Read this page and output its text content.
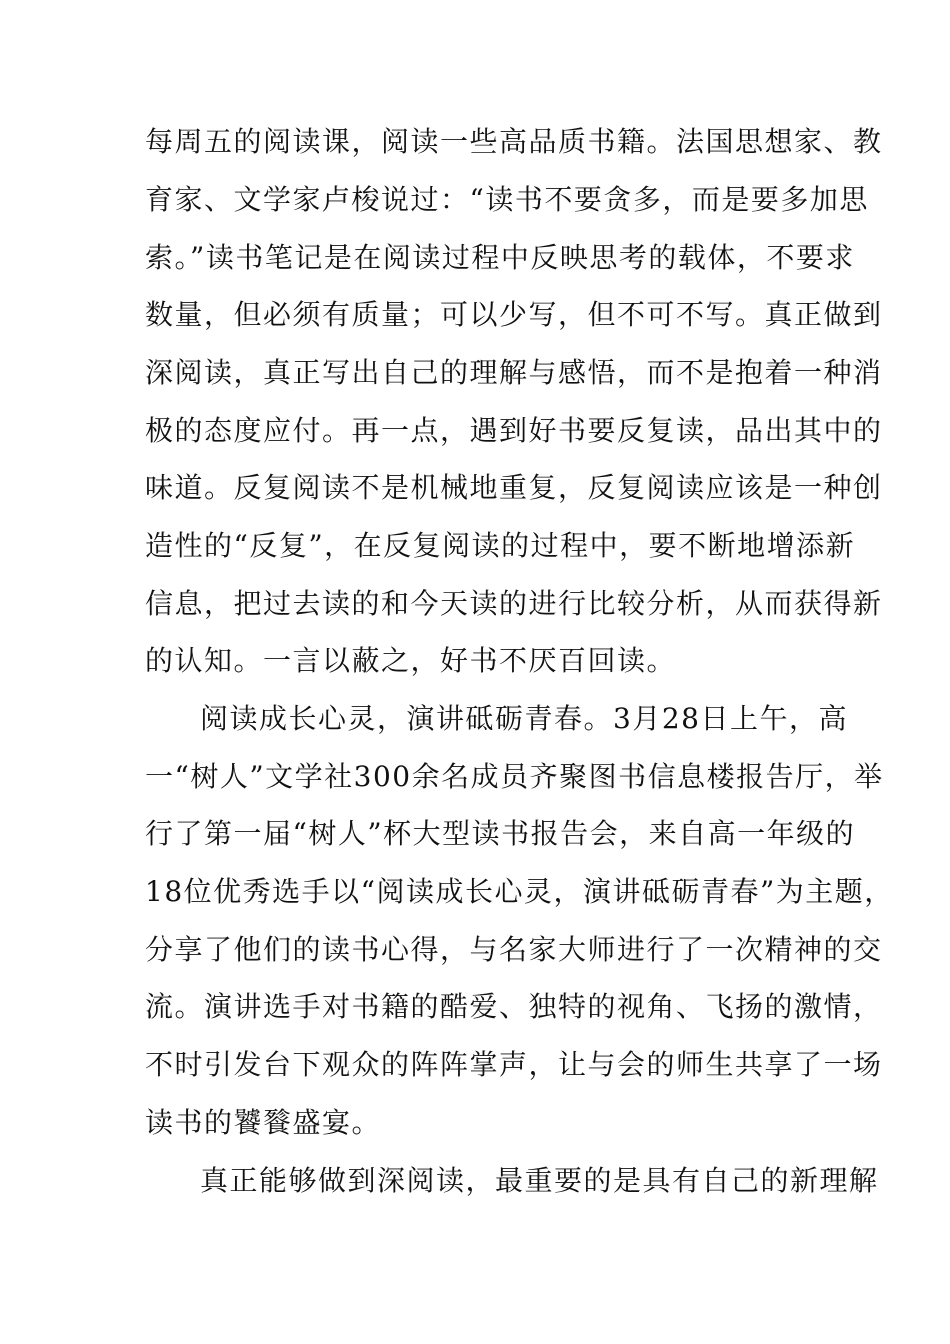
每周五的阅读课，阅读一些高品质书籍。法国思想家、教
育家、文学家卢梭说过：“读书不要贪多，而是要多加思
索。”读书笔记是在阅读过程中反映思考的载体，不要求
数量，但必须有质量；可以少写，但不可不写。真正做到
深阅读，真正写出自己的理解与感悟，而不是抱着一种消
极的态度应付。再一点，遇到好书要反复读，品出其中的
味道。反复阅读不是机械地重复，反复阅读应该是一种创
造性的“反复”，在反复阅读的过程中，要不断地增添新
信息，把过去读的和今天读的进行比较分析，从而获得新
的认知。一言以蔽之，好书不厌百回读。
阅读成长心灵，演讲砥砺青春。3月28日上午，高
一“树人”文学社300余名成员齐聚图书信息楼报告厅，举
行了第一届“树人”杯大型读书报告会，来自高一年级的
18位优秀选手以“阅读成长心灵，演讲砥砺青春”为主题，
分享了他们的读书心得，与名家大师进行了一次精神的交
流。演讲选手对书籍的酷爱、独特的视角、飞扬的激情，
不时引发台下观众的阵阵掌声，让与会的师生共享了一场
读书的饕餮盛宴。
真正能够做到深阅读，最重要的是具有自己的新理解
